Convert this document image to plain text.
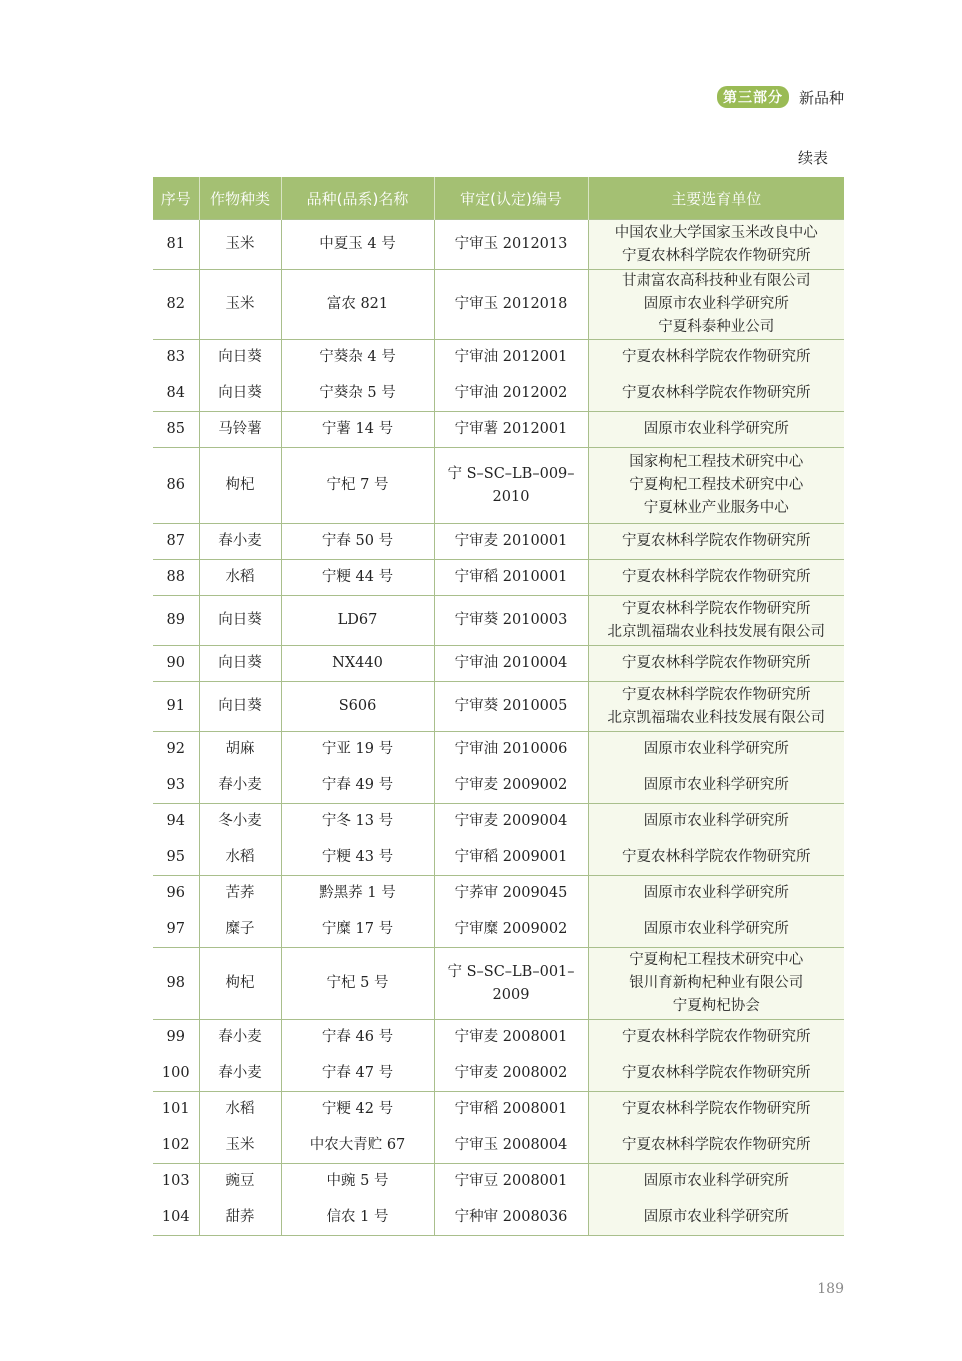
第三部分	新品种
续表
序号	作物种类	品种(品系)名称	审定(认定)编号	主要选育单位
81	玉米	中夏玉 4 号	宁审玉 2012013	中国农业大学国家玉米改良中心
宁夏农林科学院农作物研究所

82	玉米	富农 821	宁审玉 2012018	甘肃富农高科技种业有限公司
固原市农业科学研究所
宁夏科泰种业公司

83	向日葵	宁葵杂 4 号	宁审油 2012001	宁夏农林科学院农作物研究所

84	向日葵	宁葵杂 5 号	宁审油 2012002	宁夏农林科学院农作物研究所

85	马铃薯	宁薯 14 号	宁审薯 2012001	固原市农业科学研究所

86	枸杞	宁杞 7 号	宁 S–SC–LB–009–2010	国家枸杞工程技术研究中心
宁夏枸杞工程技术研究中心
宁夏林业产业服务中心

87	春小麦	宁春 50 号	宁审麦 2010001	宁夏农林科学院农作物研究所

88	水稻	宁粳 44 号	宁审稻 2010001	宁夏农林科学院农作物研究所

89	向日葵	LD67	宁审葵 2010003	宁夏农林科学院农作物研究所
北京凯福瑞农业科技发展有限公司

90	向日葵	NX440	宁审油 2010004	宁夏农林科学院农作物研究所

91	向日葵	S606	宁审葵 2010005	宁夏农林科学院农作物研究所
北京凯福瑞农业科技发展有限公司

92	胡麻	宁亚 19 号	宁审油 2010006	固原市农业科学研究所

93	春小麦	宁春 49 号	宁审麦 2009002	固原市农业科学研究所

94	冬小麦	宁冬 13 号	宁审麦 2009004	固原市农业科学研究所

95	水稻	宁粳 43 号	宁审稻 2009001	宁夏农林科学院农作物研究所

96	苦荞	黔黑荞 1 号	宁荞审 2009045	固原市农业科学研究所

97	糜子	宁糜 17 号	宁审糜 2009002	固原市农业科学研究所

98	枸杞	宁杞 5 号	宁 S–SC–LB–001–2009	宁夏枸杞工程技术研究中心
银川育新枸杞种业有限公司
宁夏枸杞协会

99	春小麦	宁春 46 号	宁审麦 2008001	宁夏农林科学院农作物研究所

100	春小麦	宁春 47 号	宁审麦 2008002	宁夏农林科学院农作物研究所

101	水稻	宁粳 42 号	宁审稻 2008001	宁夏农林科学院农作物研究所

102	玉米	中农大青贮 67	宁审玉 2008004	宁夏农林科学院农作物研究所

103	豌豆	中豌 5 号	宁审豆 2008001	固原市农业科学研究所

104	甜荞	信农 1 号	宁种审 2008036	固原市农业科学研究所
189
